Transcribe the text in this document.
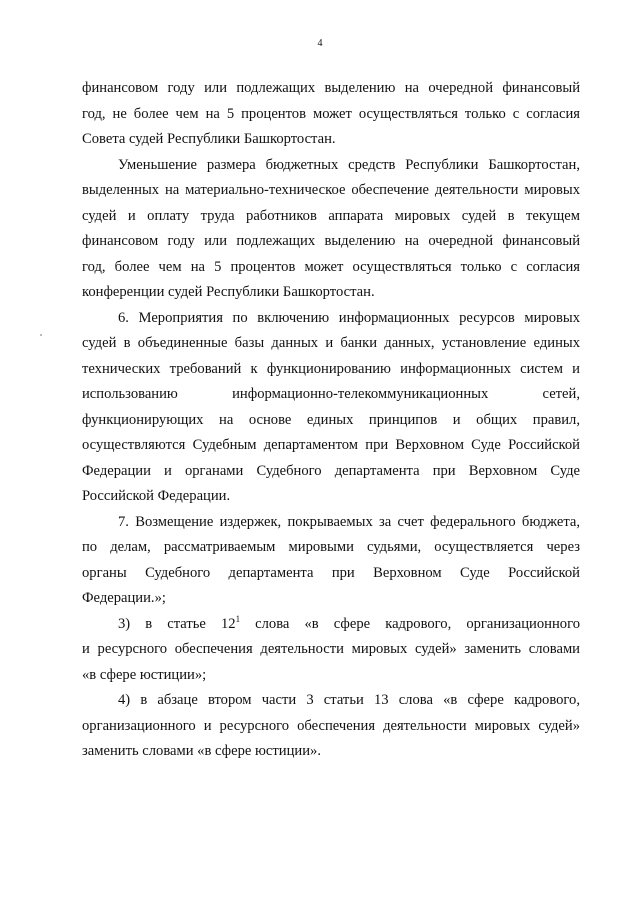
4

финансовом году или подлежащих выделению на очередной финансовый
год, не более чем на 5 процентов может осуществляться только с согласия
Совета судей Республики Башкортостан.

Уменьшение размера бюджетных средств Республики Башкортостан,
выделенных на материально-техническое обеспечение деятельности мировых
судей и оплату труда работников аппарата мировых судей в текущем
финансовом году или подлежащих выделению на очередной финансовый
год, более чем на 5 процентов может осуществляться только с согласия
конференции судей Республики Башкортостан.

6. Мероприятия по включению информационных ресурсов мировых
судей в объединенные базы данных и банки данных, установление единых
технических требований к функционированию информационных систем и
использованию информационно-телекоммуникационных сетей,
функционирующих на основе единых принципов и общих правил,
осуществляются Судебным департаментом при Верховном Суде Российской
Федерации и органами Судебного департамента при Верховном Суде
Российской Федерации.

7. Возмещение издержек, покрываемых за счет федерального бюджета,
по делам, рассматриваемым мировыми судьями, осуществляется через
органы Судебного департамента при Верховном Суде Российской
Федерации.»;

3) в статье $12^1$ слова «в сфере кадрового, организационного
и ресурсного обеспечения деятельности мировых судей» заменить словами
«в сфере юстиции»;

4) в абзаце втором части 3 статьи 13 слова «в сфере кадрового,
организационного и ресурсного обеспечения деятельности мировых судей»
заменить словами «в сфере юстиции».
